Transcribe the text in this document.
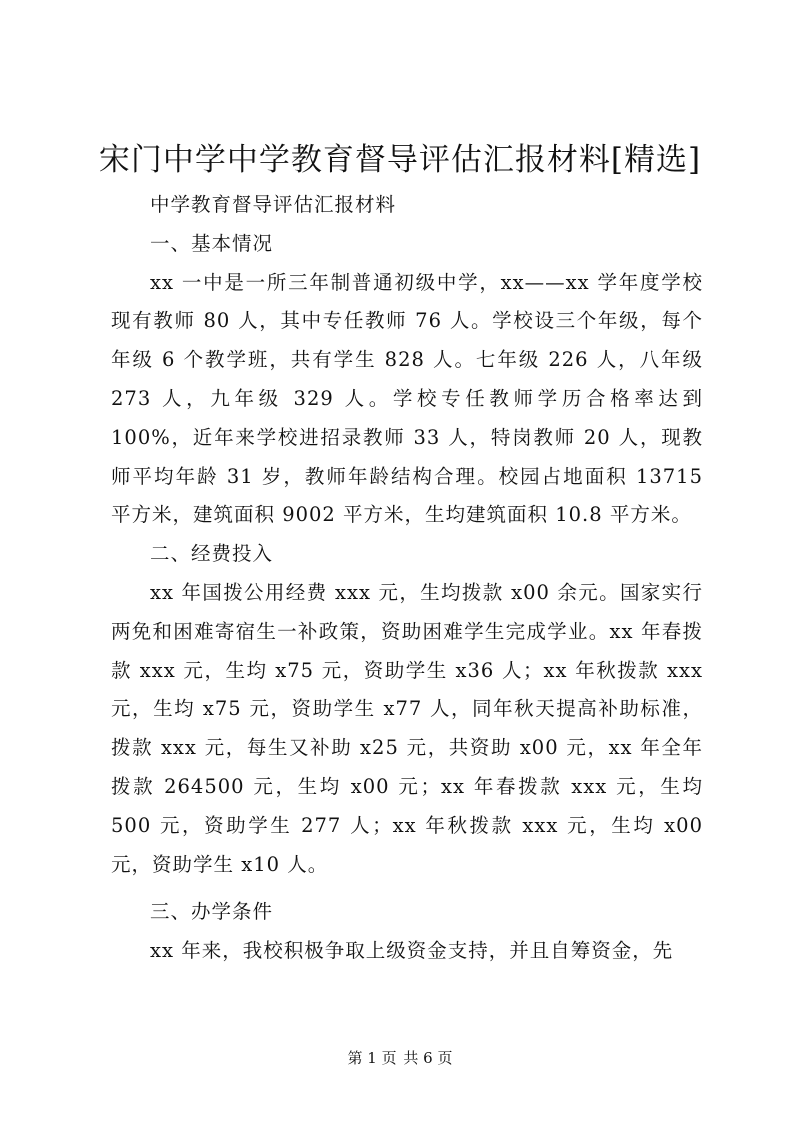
宋门中学中学教育督导评估汇报材料[精选]

中学教育督导评估汇报材料

一、基本情况

xx 一中是一所三年制普通初级中学，xx——xx 学年度学校现有教师 80 人，其中专任教师 76 人。学校设三个年级，每个年级 6 个教学班，共有学生 828 人。七年级 226 人，八年级 273 人，九年级 329 人。学校专任教师学历合格率达到 100%，近年来学校进招录教师 33 人，特岗教师 20 人，现教师平均年龄 31 岁，教师年龄结构合理。校园占地面积 13715 平方米，建筑面积 9002 平方米，生均建筑面积 10.8 平方米。

二、经费投入

xx 年国拨公用经费 xxx 元，生均拨款 x00 余元。国家实行两免和困难寄宿生一补政策，资助困难学生完成学业。xx 年春拨款 xxx 元，生均 x75 元，资助学生 x36 人；xx 年秋拨款 xxx 元，生均 x75 元，资助学生 x77 人，同年秋天提高补助标准，拨款 xxx 元，每生又补助 x25 元，共资助 x00 元，xx 年全年拨款 264500 元，生均 x00 元；xx 年春拨款 xxx 元，生均 500 元，资助学生 277 人；xx 年秋拨款 xxx 元，生均 x00 元，资助学生 x10 人。

三、办学条件

xx 年来，我校积极争取上级资金支持，并且自筹资金，先

第 1 页 共 6 页
